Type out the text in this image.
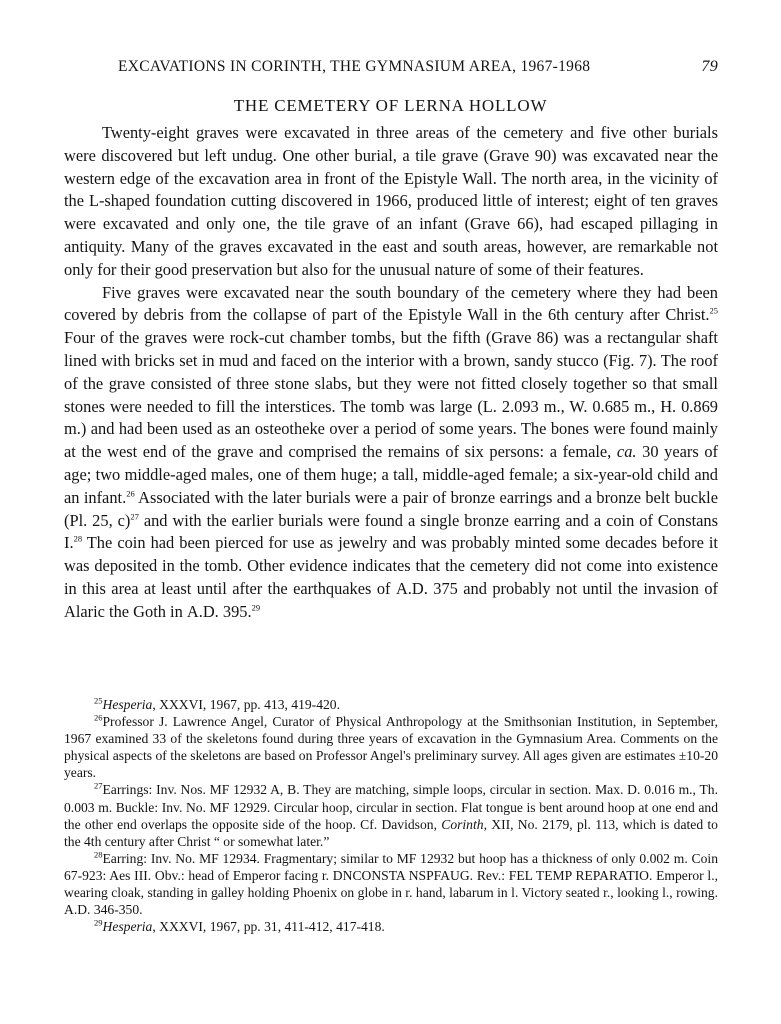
EXCAVATIONS IN CORINTH, THE GYMNASIUM AREA, 1967-1968	79
THE CEMETERY OF LERNA HOLLOW

Twenty-eight graves were excavated in three areas of the cemetery and five other burials were discovered but left undug. One other burial, a tile grave (Grave 90) was excavated near the western edge of the excavation area in front of the Epistyle Wall. The north area, in the vicinity of the L-shaped foundation cutting discovered in 1966, produced little of interest; eight of ten graves were excavated and only one, the tile grave of an infant (Grave 66), had escaped pillaging in antiquity. Many of the graves excavated in the east and south areas, however, are remarkable not only for their good preservation but also for the unusual nature of some of their features.

Five graves were excavated near the south boundary of the cemetery where they had been covered by debris from the collapse of part of the Epistyle Wall in the 6th century after Christ.$^{25}$ Four of the graves were rock-cut chamber tombs, but the fifth (Grave 86) was a rectangular shaft lined with bricks set in mud and faced on the interior with a brown, sandy stucco (Fig. 7). The roof of the grave consisted of three stone slabs, but they were not fitted closely together so that small stones were needed to fill the interstices. The tomb was large (L. 2.093 m., W. 0.685 m., H. 0.869 m.) and had been used as an osteotheke over a period of some years. The bones were found mainly at the west end of the grave and comprised the remains of six persons: a female, ca. 30 years of age; two middle-aged males, one of them huge; a tall, middle-aged female; a six-year-old child and an infant.$^{26}$ Associated with the later burials were a pair of bronze earrings and a bronze belt buckle (Pl. 25, c)$^{27}$ and with the earlier burials were found a single bronze earring and a coin of Constans I.$^{28}$ The coin had been pierced for use as jewelry and was probably minted some decades before it was deposited in the tomb. Other evidence indicates that the cemetery did not come into existence in this area at least until after the earthquakes of A.D. 375 and probably not until the invasion of Alaric the Goth in A.D. 395.29

$^{25}$Hesperia, XXXVI, 1967, pp. 413, 419-420.

$^{26}$Professor J. Lawrence Angel, Curator of Physical Anthropology at the Smithsonian Institution, in September, 1967 examined 33 of the skeletons found during three years of excavation in the Gymnasium Area. Comments on the physical aspects of the skeletons are based on Professor Angel's preliminary survey. All ages given are estimates ±10-20 years.

$^{27}$Earrings: Inv. Nos. MF 12932 A, B. They are matching, simple loops, circular in section. Max. D. 0.016 m., Th. 0.003 m. Buckle: Inv. No. MF 12929. Circular hoop, circular in section. Flat tongue is bent around hoop at one end and the other end overlaps the opposite side of the hoop. Cf. Davidson, Corinth, XII, No. 2179, pl. 113, which is dated to the 4th century after Christ “ or somewhat later.”

$^{28}$Earring: Inv. No. MF 12934. Fragmentary; similar to MF 12932 but hoop has a thickness of only 0.002 m. Coin 67-923: Aes III. Obv.: head of Emperor facing r. DNCONSTA NSPFAUG. Rev.: FEL TEMP REPARATIO. Emperor l., wearing cloak, standing in galley holding Phoenix on globe in r. hand, labarum in l. Victory seated r., looking l., rowing. A.D. 346-350.

$^{29}$Hesperia, XXXVI, 1967, pp. 31, 411-412, 417-418.
